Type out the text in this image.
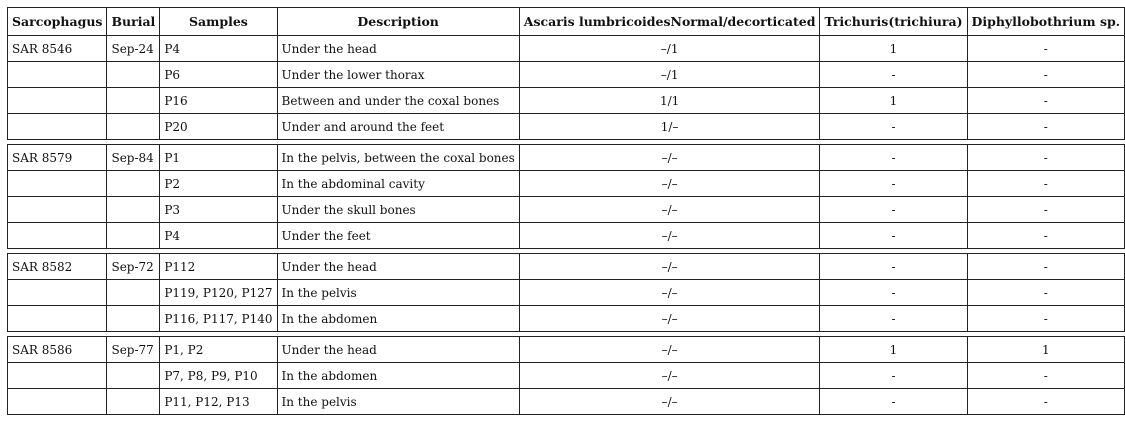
Sarcophagus	Burial	Samples	Description	Ascaris lumbricoidesNormal/decorticated	Trichuris(trichiura)	Diphyllobothrium sp.
SAR 8546	Sep-24	P4	Under the head	–/1	1	-
		P6	Under the lower thorax	–/1	-	-
		P16	Between and under the coxal bones	1/1	1	-
		P20	Under and around the feet	1/–	-	-

SAR 8579	Sep-84	P1	In the pelvis, between the coxal bones	–/–	-	-
		P2	In the abdominal cavity	–/–	-	-
		P3	Under the skull bones	–/–	-	-
		P4	Under the feet	–/–	-	-

SAR 8582	Sep-72	P112	Under the head	–/–	-	-
		P119, P120, P127	In the pelvis	–/–	-	-
		P116, P117, P140	In the abdomen	–/–	-	-

SAR 8586	Sep-77	P1, P2	Under the head	–/–	1	1
		P7, P8, P9, P10	In the abdomen	–/–	-	-
		P11, P12, P13	In the pelvis	–/–	-	-
